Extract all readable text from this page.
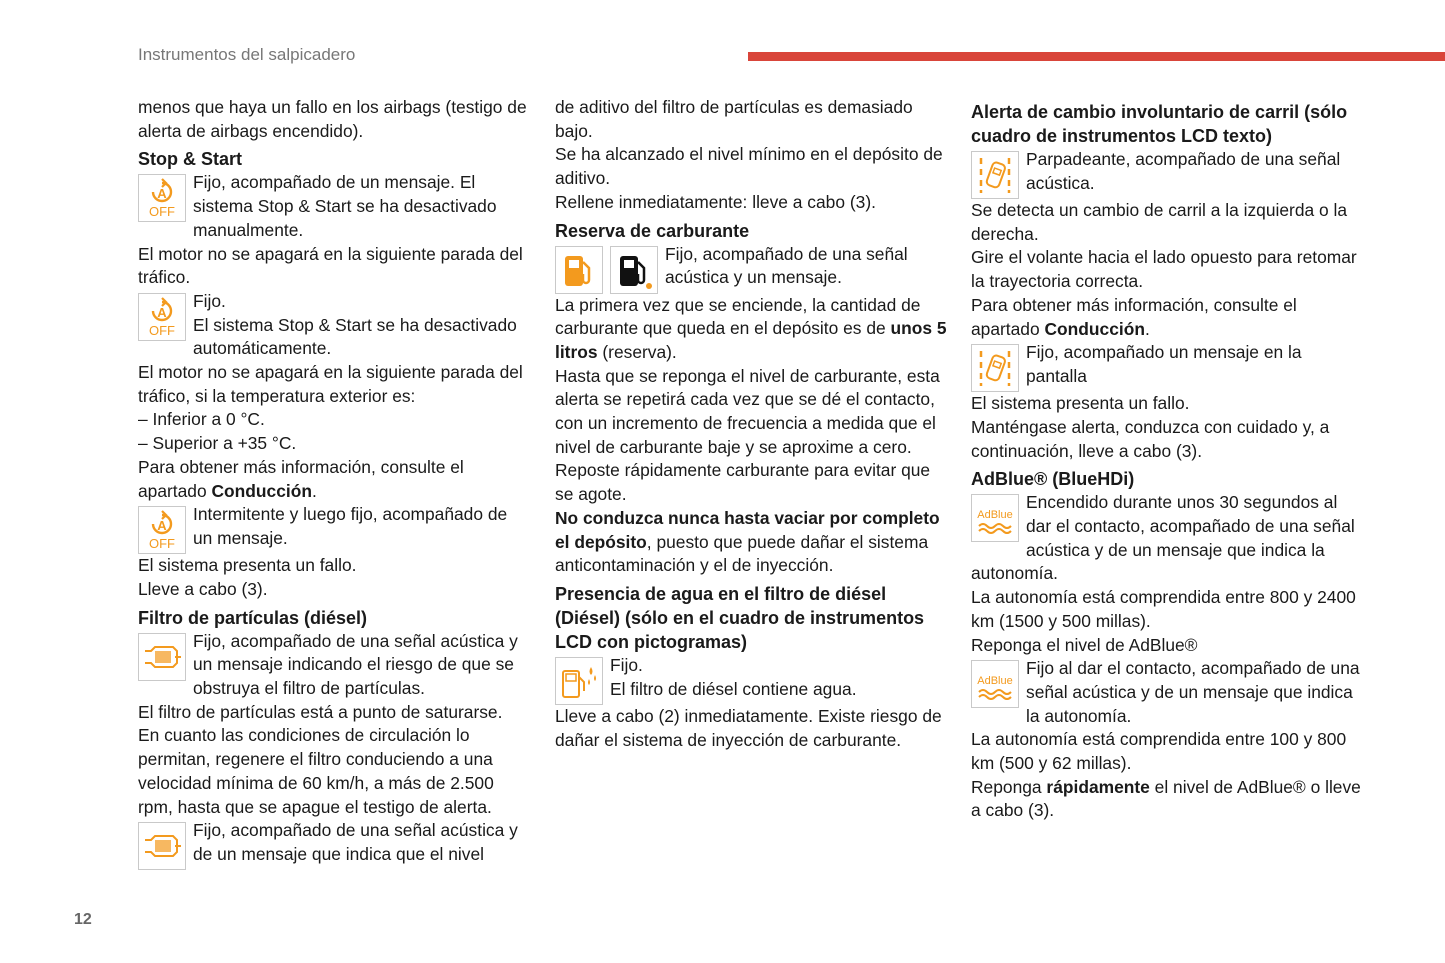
Instrumentos del salpicadero
12

menos que haya un fallo en los airbags (testigo de alerta de airbags encendido).

Stop & Start

A
OFF
Fijo, acompañado de un mensaje. El sistema Stop & Start se ha desactivado manualmente.

El motor no se apagará en la siguiente parada del tráfico.

A
OFF
Fijo.
El sistema Stop & Start se ha desactivado automáticamente.

El motor no se apagará en la siguiente parada del tráfico, si la temperatura exterior es:

– Inferior a 0 °C.

– Superior a +35 °C.

Para obtener más información, consulte el apartado Conducción.

A
OFF
Intermitente y luego fijo, acompañado de un mensaje.

El sistema presenta un fallo.

Lleve a cabo (3).

Filtro de partículas (diésel)

Fijo, acompañado de una señal acústica y un mensaje indicando el riesgo de que se obstruya el filtro de partículas.

El filtro de partículas está a punto de saturarse.

En cuanto las condiciones de circulación lo permitan, regenere el filtro conduciendo a una velocidad mínima de 60 km/h, a más de 2.500 rpm, hasta que se apague el testigo de alerta.

Fijo, acompañado de una señal acústica y de un mensaje que indica que el nivel

de aditivo del filtro de partículas es demasiado bajo.

Se ha alcanzado el nivel mínimo en el depósito de aditivo.

Rellene inmediatamente: lleve a cabo (3).

Reserva de carburante

Fijo, acompañado de una señal acústica y un mensaje.

La primera vez que se enciende, la cantidad de carburante que queda en el depósito es de unos 5 litros (reserva).

Hasta que se reponga el nivel de carburante, esta alerta se repetirá cada vez que se dé el contacto, con un incremento de frecuencia a medida que el nivel de carburante baje y se aproxime a cero.

Reposte rápidamente carburante para evitar que se agote.

No conduzca nunca hasta vaciar por completo el depósito, puesto que puede dañar el sistema anticontaminación y el de inyección.

Presencia de agua en el filtro de diésel (Diésel) (sólo en el cuadro de instrumentos LCD con pictogramas)

Fijo.
El filtro de diésel contiene agua.

Lleve a cabo (2) inmediatamente. Existe riesgo de dañar el sistema de inyección de carburante.

Alerta de cambio involuntario de carril (sólo cuadro de instrumentos LCD texto)

Parpadeante, acompañado de una señal acústica.

Se detecta un cambio de carril a la izquierda o la derecha.

Gire el volante hacia el lado opuesto para retomar la trayectoria correcta.

Para obtener más información, consulte el apartado Conducción.

Fijo, acompañado un mensaje en la pantalla

El sistema presenta un fallo.

Manténgase alerta, conduzca con cuidado y, a continuación, lleve a cabo (3).

AdBlue® (BlueHDi)

AdBlue
Encendido durante unos 30 segundos al dar el contacto, acompañado de una señal acústica y de un mensaje que indica la autonomía.

La autonomía está comprendida entre 800 y 2400 km (1500 y 500 millas).

Reponga el nivel de AdBlue®

AdBlue
Fijo al dar el contacto, acompañado de una señal acústica y de un mensaje que indica la autonomía.

La autonomía está comprendida entre 100 y 800 km (500 y 62 millas).

Reponga rápidamente el nivel de AdBlue® o lleve a cabo (3).
